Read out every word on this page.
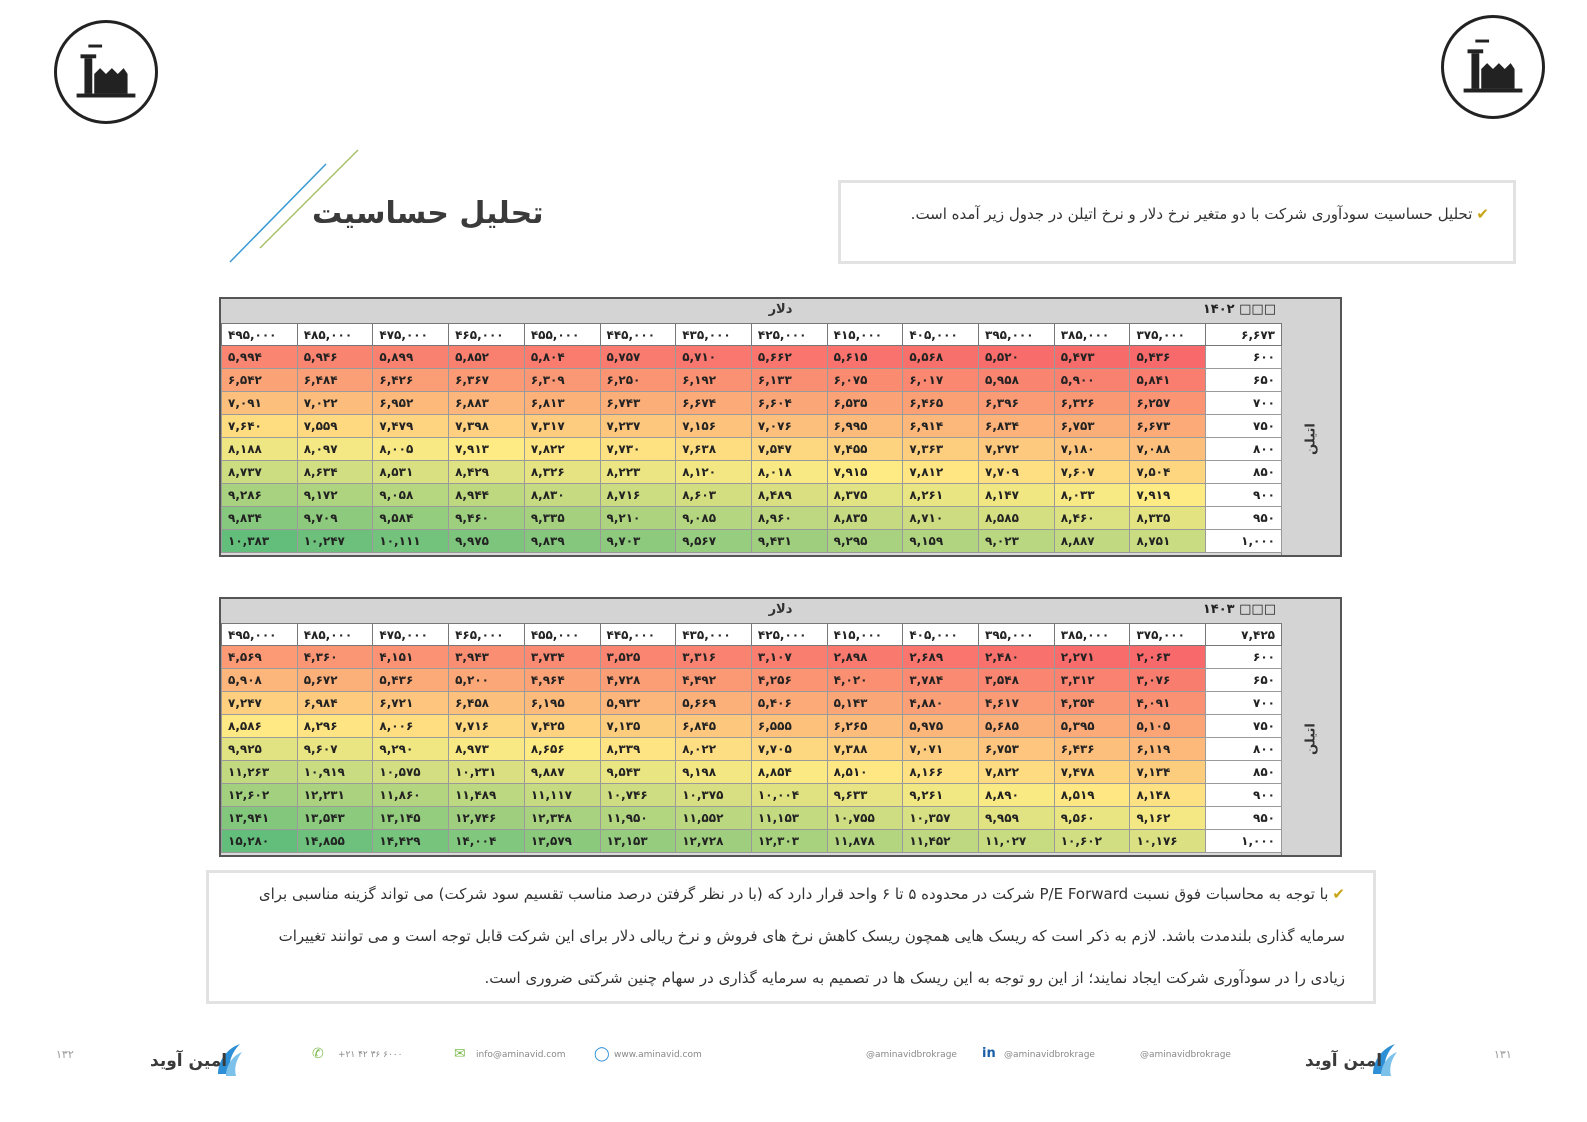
تحلیل حساسیت	✔تحلیل حساسیت سودآوری شرکت با دو متغیر نرخ دلار و نرخ اتیلن در جدول زیر آمده است.
دلار	□□□ ۱۴۰۲
اتیلن
۴۹۵,۰۰۰	۴۸۵,۰۰۰	۴۷۵,۰۰۰	۴۶۵,۰۰۰	۴۵۵,۰۰۰	۴۴۵,۰۰۰	۴۳۵,۰۰۰	۴۲۵,۰۰۰	۴۱۵,۰۰۰	۴۰۵,۰۰۰	۳۹۵,۰۰۰	۳۸۵,۰۰۰	۳۷۵,۰۰۰	۶,۶۷۳
۵,۹۹۴	۵,۹۴۶	۵,۸۹۹	۵,۸۵۲	۵,۸۰۴	۵,۷۵۷	۵,۷۱۰	۵,۶۶۲	۵,۶۱۵	۵,۵۶۸	۵,۵۲۰	۵,۴۷۳	۵,۴۳۶	۶۰۰
۶,۵۴۲	۶,۴۸۴	۶,۴۲۶	۶,۳۶۷	۶,۳۰۹	۶,۲۵۰	۶,۱۹۲	۶,۱۳۳	۶,۰۷۵	۶,۰۱۷	۵,۹۵۸	۵,۹۰۰	۵,۸۴۱	۶۵۰
۷,۰۹۱	۷,۰۲۲	۶,۹۵۲	۶,۸۸۳	۶,۸۱۳	۶,۷۴۳	۶,۶۷۴	۶,۶۰۴	۶,۵۳۵	۶,۴۶۵	۶,۳۹۶	۶,۳۲۶	۶,۲۵۷	۷۰۰
۷,۶۴۰	۷,۵۵۹	۷,۴۷۹	۷,۳۹۸	۷,۳۱۷	۷,۲۳۷	۷,۱۵۶	۷,۰۷۶	۶,۹۹۵	۶,۹۱۴	۶,۸۳۴	۶,۷۵۳	۶,۶۷۳	۷۵۰
۸,۱۸۸	۸,۰۹۷	۸,۰۰۵	۷,۹۱۳	۷,۸۲۲	۷,۷۳۰	۷,۶۳۸	۷,۵۴۷	۷,۴۵۵	۷,۳۶۳	۷,۲۷۲	۷,۱۸۰	۷,۰۸۸	۸۰۰
۸,۷۳۷	۸,۶۳۴	۸,۵۳۱	۸,۴۲۹	۸,۳۲۶	۸,۲۲۳	۸,۱۲۰	۸,۰۱۸	۷,۹۱۵	۷,۸۱۲	۷,۷۰۹	۷,۶۰۷	۷,۵۰۴	۸۵۰
۹,۲۸۶	۹,۱۷۲	۹,۰۵۸	۸,۹۴۴	۸,۸۳۰	۸,۷۱۶	۸,۶۰۳	۸,۴۸۹	۸,۳۷۵	۸,۲۶۱	۸,۱۴۷	۸,۰۳۳	۷,۹۱۹	۹۰۰
۹,۸۳۴	۹,۷۰۹	۹,۵۸۴	۹,۴۶۰	۹,۳۳۵	۹,۲۱۰	۹,۰۸۵	۸,۹۶۰	۸,۸۳۵	۸,۷۱۰	۸,۵۸۵	۸,۴۶۰	۸,۳۳۵	۹۵۰
۱۰,۳۸۳	۱۰,۲۴۷	۱۰,۱۱۱	۹,۹۷۵	۹,۸۳۹	۹,۷۰۳	۹,۵۶۷	۹,۴۳۱	۹,۲۹۵	۹,۱۵۹	۹,۰۲۳	۸,۸۸۷	۸,۷۵۱	۱,۰۰۰
دلار	□□□ ۱۴۰۳
اتیلن
۴۹۵,۰۰۰	۴۸۵,۰۰۰	۴۷۵,۰۰۰	۴۶۵,۰۰۰	۴۵۵,۰۰۰	۴۴۵,۰۰۰	۴۳۵,۰۰۰	۴۲۵,۰۰۰	۴۱۵,۰۰۰	۴۰۵,۰۰۰	۳۹۵,۰۰۰	۳۸۵,۰۰۰	۳۷۵,۰۰۰	۷,۴۲۵
۴,۵۶۹	۴,۳۶۰	۴,۱۵۱	۳,۹۴۳	۳,۷۳۴	۳,۵۲۵	۳,۳۱۶	۳,۱۰۷	۲,۸۹۸	۲,۶۸۹	۲,۴۸۰	۲,۲۷۱	۲,۰۶۳	۶۰۰
۵,۹۰۸	۵,۶۷۲	۵,۴۳۶	۵,۲۰۰	۴,۹۶۴	۴,۷۲۸	۴,۴۹۲	۴,۲۵۶	۴,۰۲۰	۳,۷۸۴	۳,۵۴۸	۳,۳۱۲	۳,۰۷۶	۶۵۰
۷,۲۴۷	۶,۹۸۴	۶,۷۲۱	۶,۴۵۸	۶,۱۹۵	۵,۹۳۲	۵,۶۶۹	۵,۴۰۶	۵,۱۴۳	۴,۸۸۰	۴,۶۱۷	۴,۳۵۴	۴,۰۹۱	۷۰۰
۸,۵۸۶	۸,۲۹۶	۸,۰۰۶	۷,۷۱۶	۷,۴۲۵	۷,۱۳۵	۶,۸۴۵	۶,۵۵۵	۶,۲۶۵	۵,۹۷۵	۵,۶۸۵	۵,۳۹۵	۵,۱۰۵	۷۵۰
۹,۹۲۵	۹,۶۰۷	۹,۲۹۰	۸,۹۷۳	۸,۶۵۶	۸,۳۳۹	۸,۰۲۲	۷,۷۰۵	۷,۳۸۸	۷,۰۷۱	۶,۷۵۳	۶,۴۳۶	۶,۱۱۹	۸۰۰
۱۱,۲۶۳	۱۰,۹۱۹	۱۰,۵۷۵	۱۰,۲۳۱	۹,۸۸۷	۹,۵۴۳	۹,۱۹۸	۸,۸۵۴	۸,۵۱۰	۸,۱۶۶	۷,۸۲۲	۷,۴۷۸	۷,۱۳۴	۸۵۰
۱۲,۶۰۲	۱۲,۲۳۱	۱۱,۸۶۰	۱۱,۴۸۹	۱۱,۱۱۷	۱۰,۷۴۶	۱۰,۳۷۵	۱۰,۰۰۴	۹,۶۳۳	۹,۲۶۱	۸,۸۹۰	۸,۵۱۹	۸,۱۴۸	۹۰۰
۱۳,۹۴۱	۱۳,۵۴۳	۱۳,۱۴۵	۱۲,۷۴۶	۱۲,۳۴۸	۱۱,۹۵۰	۱۱,۵۵۲	۱۱,۱۵۳	۱۰,۷۵۵	۱۰,۳۵۷	۹,۹۵۹	۹,۵۶۰	۹,۱۶۲	۹۵۰
۱۵,۲۸۰	۱۴,۸۵۵	۱۴,۴۲۹	۱۴,۰۰۴	۱۳,۵۷۹	۱۳,۱۵۳	۱۲,۷۲۸	۱۲,۳۰۳	۱۱,۸۷۸	۱۱,۴۵۲	۱۱,۰۲۷	۱۰,۶۰۲	۱۰,۱۷۶	۱,۰۰۰
✔با توجه به محاسبات فوق نسبت P/E Forward شرکت در محدوده ۵ تا ۶ واحد قرار دارد که (با در نظر گرفتن درصد مناسب تقسیم سود شرکت) می تواند گزینه مناسبی برای
سرمایه گذاری بلندمدت باشد. لازم به ذکر است که ریسک هایی همچون ریسک کاهش نرخ های فروش و نرخ ریالی دلار برای این شرکت قابل توجه است و می توانند تغییرات
زیادی را در سودآوری شرکت ایجاد نمایند؛ از این رو توجه به این ریسک ها در تصمیم به سرمایه گذاری در سهام چنین شرکتی ضروری است.
۱۳۲	امین آوید	✆ +۲۱ ۴۲ ۳۶ ۶۰۰۰	✉ info@aminavid.com ◯ www.aminavid.com	@aminavidbrokrage in @aminavidbrokrage	@aminavidbrokrage	امین آوید	۱۳۱
